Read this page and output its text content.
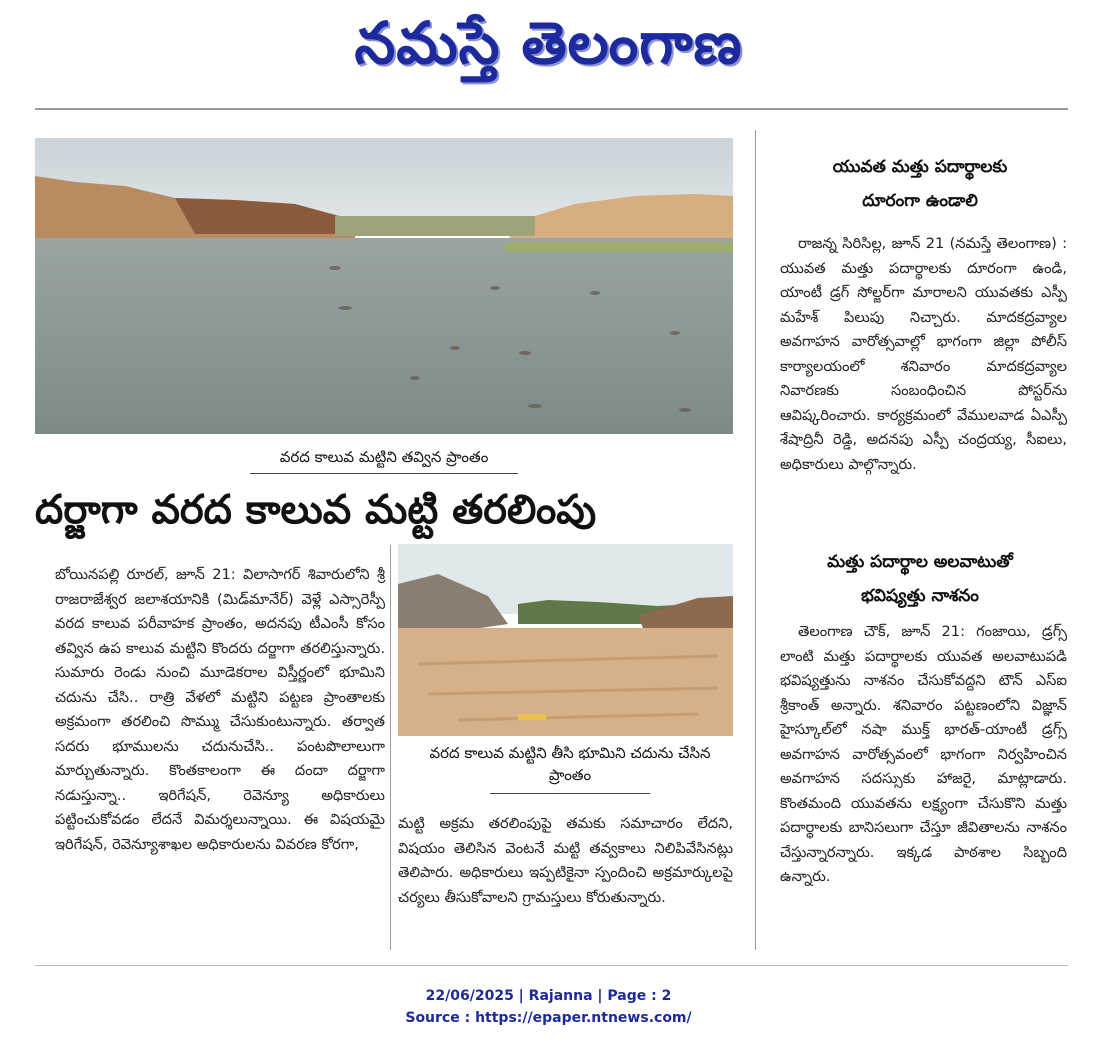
నమస్తే తెలంగాణ
వరద కాలువ మట్టిని తవ్విన ప్రాంతం
దర్జాగా వరద కాలువ మట్టి తరలింపు
వరద కాలువ మట్టిని తీసి భూమిని చదును చేసిన ప్రాంతం
బోయినపల్లి రూరల్, జూన్ 21: విలాసాగర్ శివారులోని శ్రీ రాజరాజేశ్వర జలాశయానికి (మిడ్‌మానేర్) వెళ్లే ఎస్సారెస్పీ వరద కాలువ పరీవాహక ప్రాంతం, అదనపు టీఎంసీ కోసం తవ్విన ఉప కాలువ మట్టిని కొందరు దర్జాగా తరలిస్తున్నారు. సుమారు రెండు నుంచి మూడెకరాల విస్తీర్ణంలో భూమిని చదును చేసి.. రాత్రి వేళలో మట్టిని పట్టణ ప్రాంతాలకు అక్రమంగా తరలించి సొమ్ము చేసుకుంటున్నారు. తర్వాత సదరు భూములను చదునుచేసి.. పంటపొలాలుగా మార్చుతున్నారు. కొంతకాలంగా ఈ దందా దర్జాగా నడుస్తున్నా.. ఇరిగేషన్, రెవెన్యూ అధికారులు పట్టించుకోవడం లేదనే విమర్శలున్నాయి. ఈ విషయమై ఇరిగేషన్, రెవెన్యూశాఖల అధికారులను వివరణ కోరగా,
మట్టి అక్రమ తరలింపుపై తమకు సమాచారం లేదని, విషయం తెలిసిన వెంటనే మట్టి తవ్వకాలు నిలిపివేసినట్లు తెలిపారు. అధికారులు ఇప్పటికైనా స్పందించి అక్రమార్కులపై చర్యలు తీసుకోవాలని గ్రామస్తులు కోరుతున్నారు.
యువత మత్తు పదార్థాలకు
దూరంగా ఉండాలి
రాజన్న సిరిసిల్ల, జూన్ 21 (నమస్తే తెలంగాణ) : యువత మత్తు పదార్థాలకు దూరంగా ఉండి, యాంటీ డ్రగ్ సోల్జర్‌గా మారాలని యువతకు ఎస్పీ మహేశ్ పిలుపు నిచ్చారు. మాదకద్రవ్యాల అవగాహన వారోత్సవాల్లో భాగంగా జిల్లా పోలీస్ కార్యాలయంలో శనివారం మాదకద్రవ్యాల నివారణకు సంబంధించిన పోస్టర్‌ను ఆవిష్కరించారు. కార్యక్రమంలో వేములవాడ ఏఎస్పీ శేషాద్రినీ రెడ్డి, అదనపు ఎస్పీ చంద్రయ్య, సీఐలు, అధికారులు పాల్గొన్నారు.
మత్తు పదార్థాల అలవాటుతో
భవిష్యత్తు నాశనం
తెలంగాణ చౌక్, జూన్ 21: గంజాయి, డ్రగ్స్ లాంటి మత్తు పదార్థాలకు యువత అలవాటుపడి భవిష్యత్తును నాశనం చేసుకోవద్దని టౌన్ ఎస్ఐ శ్రీకాంత్ అన్నారు. శనివారం పట్టణంలోని విజ్ఞాన్ హైస్కూల్‌లో నషా ముక్త్ భారత్-యాంటీ డ్రగ్స్ అవగాహన వారోత్సవంలో భాగంగా నిర్వహించిన అవగాహన సదస్సుకు హాజరై, మాట్లాడారు. కొంతమంది యువతను లక్ష్యంగా చేసుకొని మత్తు పదార్థాలకు బానిసలుగా చేస్తూ జీవితాలను నాశనం చేస్తున్నారన్నారు. ఇక్కడ పాఠశాల సిబ్బంది ఉన్నారు.
22/06/2025 | Rajanna | Page : 2
Source : https://epaper.ntnews.com/
